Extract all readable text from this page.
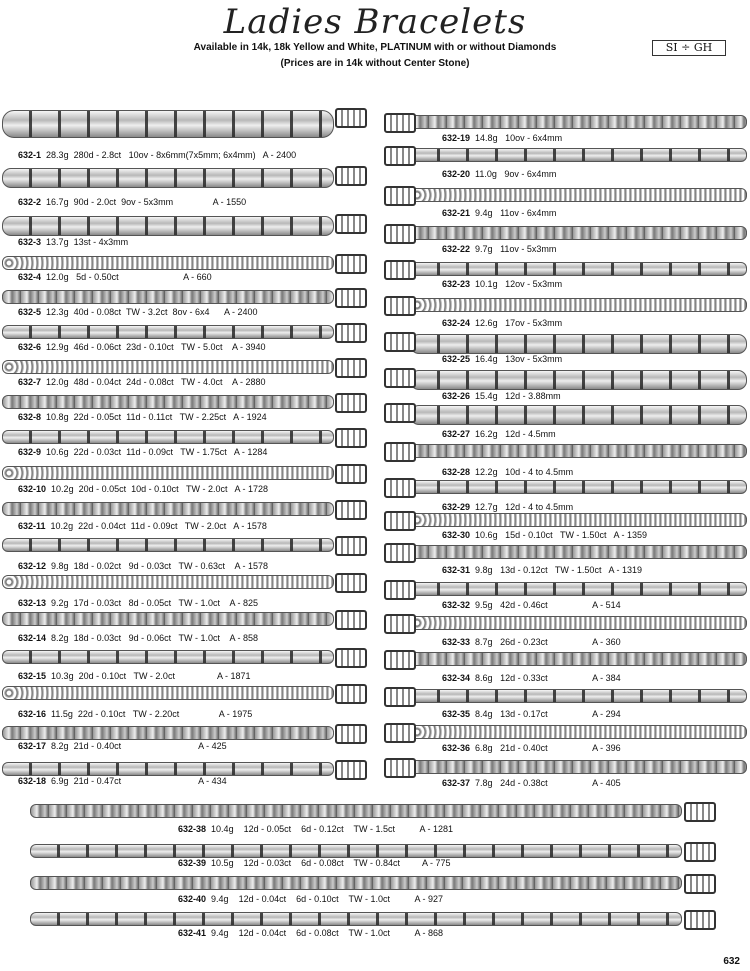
Ladies Bracelets
Available in 14k, 18k Yellow and White, PLATINUM with or without Diamonds
(Prices are in 14k without Center Stone)
SI ÷ GH
632-1 28.3g  280d - 2.8ct   10ov - 8x6mm(7x5mm; 6x4mm)   A - 2400
632-2 16.7g  90d - 2.0ct  9ov - 5x3mm                A - 1550
632-3 13.7g  13st - 4x3mm
632-4 12.0g   5d - 0.50ct                          A - 660
632-5 12.3g  40d - 0.08ct  TW - 3.2ct  8ov - 6x4      A - 2400
632-6 12.9g  46d - 0.06ct  23d - 0.10ct   TW - 5.0ct    A - 3940
632-7 12.0g  48d - 0.04ct  24d - 0.08ct   TW - 4.0ct    A - 2880
632-8 10.8g  22d - 0.05ct  11d - 0.11ct   TW - 2.25ct   A - 1924
632-9 10.6g  22d - 0.03ct  11d - 0.09ct   TW - 1.75ct   A - 1284
632-10 10.2g  20d - 0.05ct  10d - 0.10ct   TW - 2.0ct   A - 1728
632-11 10.2g  22d - 0.04ct  11d - 0.09ct   TW - 2.0ct   A - 1578
632-12 9.8g  18d - 0.02ct   9d - 0.03ct   TW - 0.63ct    A - 1578
632-13 9.2g  17d - 0.03ct   8d - 0.05ct   TW - 1.0ct    A - 825
632-14 8.2g  18d - 0.03ct   9d - 0.06ct   TW - 1.0ct    A - 858
632-15 10.3g  20d - 0.10ct   TW - 2.0ct                 A - 1871
632-16 11.5g  22d - 0.10ct   TW - 2.20ct                A - 1975
632-17 8.2g  21d - 0.40ct                               A - 425
632-18 6.9g  21d - 0.47ct                               A - 434
632-19 14.8g   10ov - 6x4mm
632-20 11.0g   9ov - 6x4mm
632-21 9.4g   11ov - 6x4mm
632-22 9.7g   11ov - 5x3mm
632-23 10.1g   12ov - 5x3mm
632-24 12.6g   17ov - 5x3mm
632-25 16.4g   13ov - 5x3mm
632-26 15.4g   12d - 3.88mm
632-27 16.2g   12d - 4.5mm
632-28 12.2g   10d - 4 to 4.5mm
632-29 12.7g   12d - 4 to 4.5mm
632-30 10.6g   15d - 0.10ct   TW - 1.50ct   A - 1359
632-31 9.8g   13d - 0.12ct   TW - 1.50ct   A - 1319
632-32 9.5g   42d - 0.46ct                  A - 514
632-33 8.7g   26d - 0.23ct                  A - 360
632-34 8.6g   12d - 0.33ct                  A - 384
632-35 8.4g   13d - 0.17ct                  A - 294
632-36 6.8g   21d - 0.40ct                  A - 396
632-37 7.8g   24d - 0.38ct                  A - 405
632-38 10.4g    12d - 0.05ct    6d - 0.12ct    TW - 1.5ct          A - 1281
632-39 10.5g    12d - 0.03ct    6d - 0.08ct    TW - 0.84ct         A - 775
632-40 9.4g    12d - 0.04ct    6d - 0.10ct    TW - 1.0ct          A - 927
632-41 9.4g    12d - 0.04ct    6d - 0.08ct    TW - 1.0ct          A - 868
632
